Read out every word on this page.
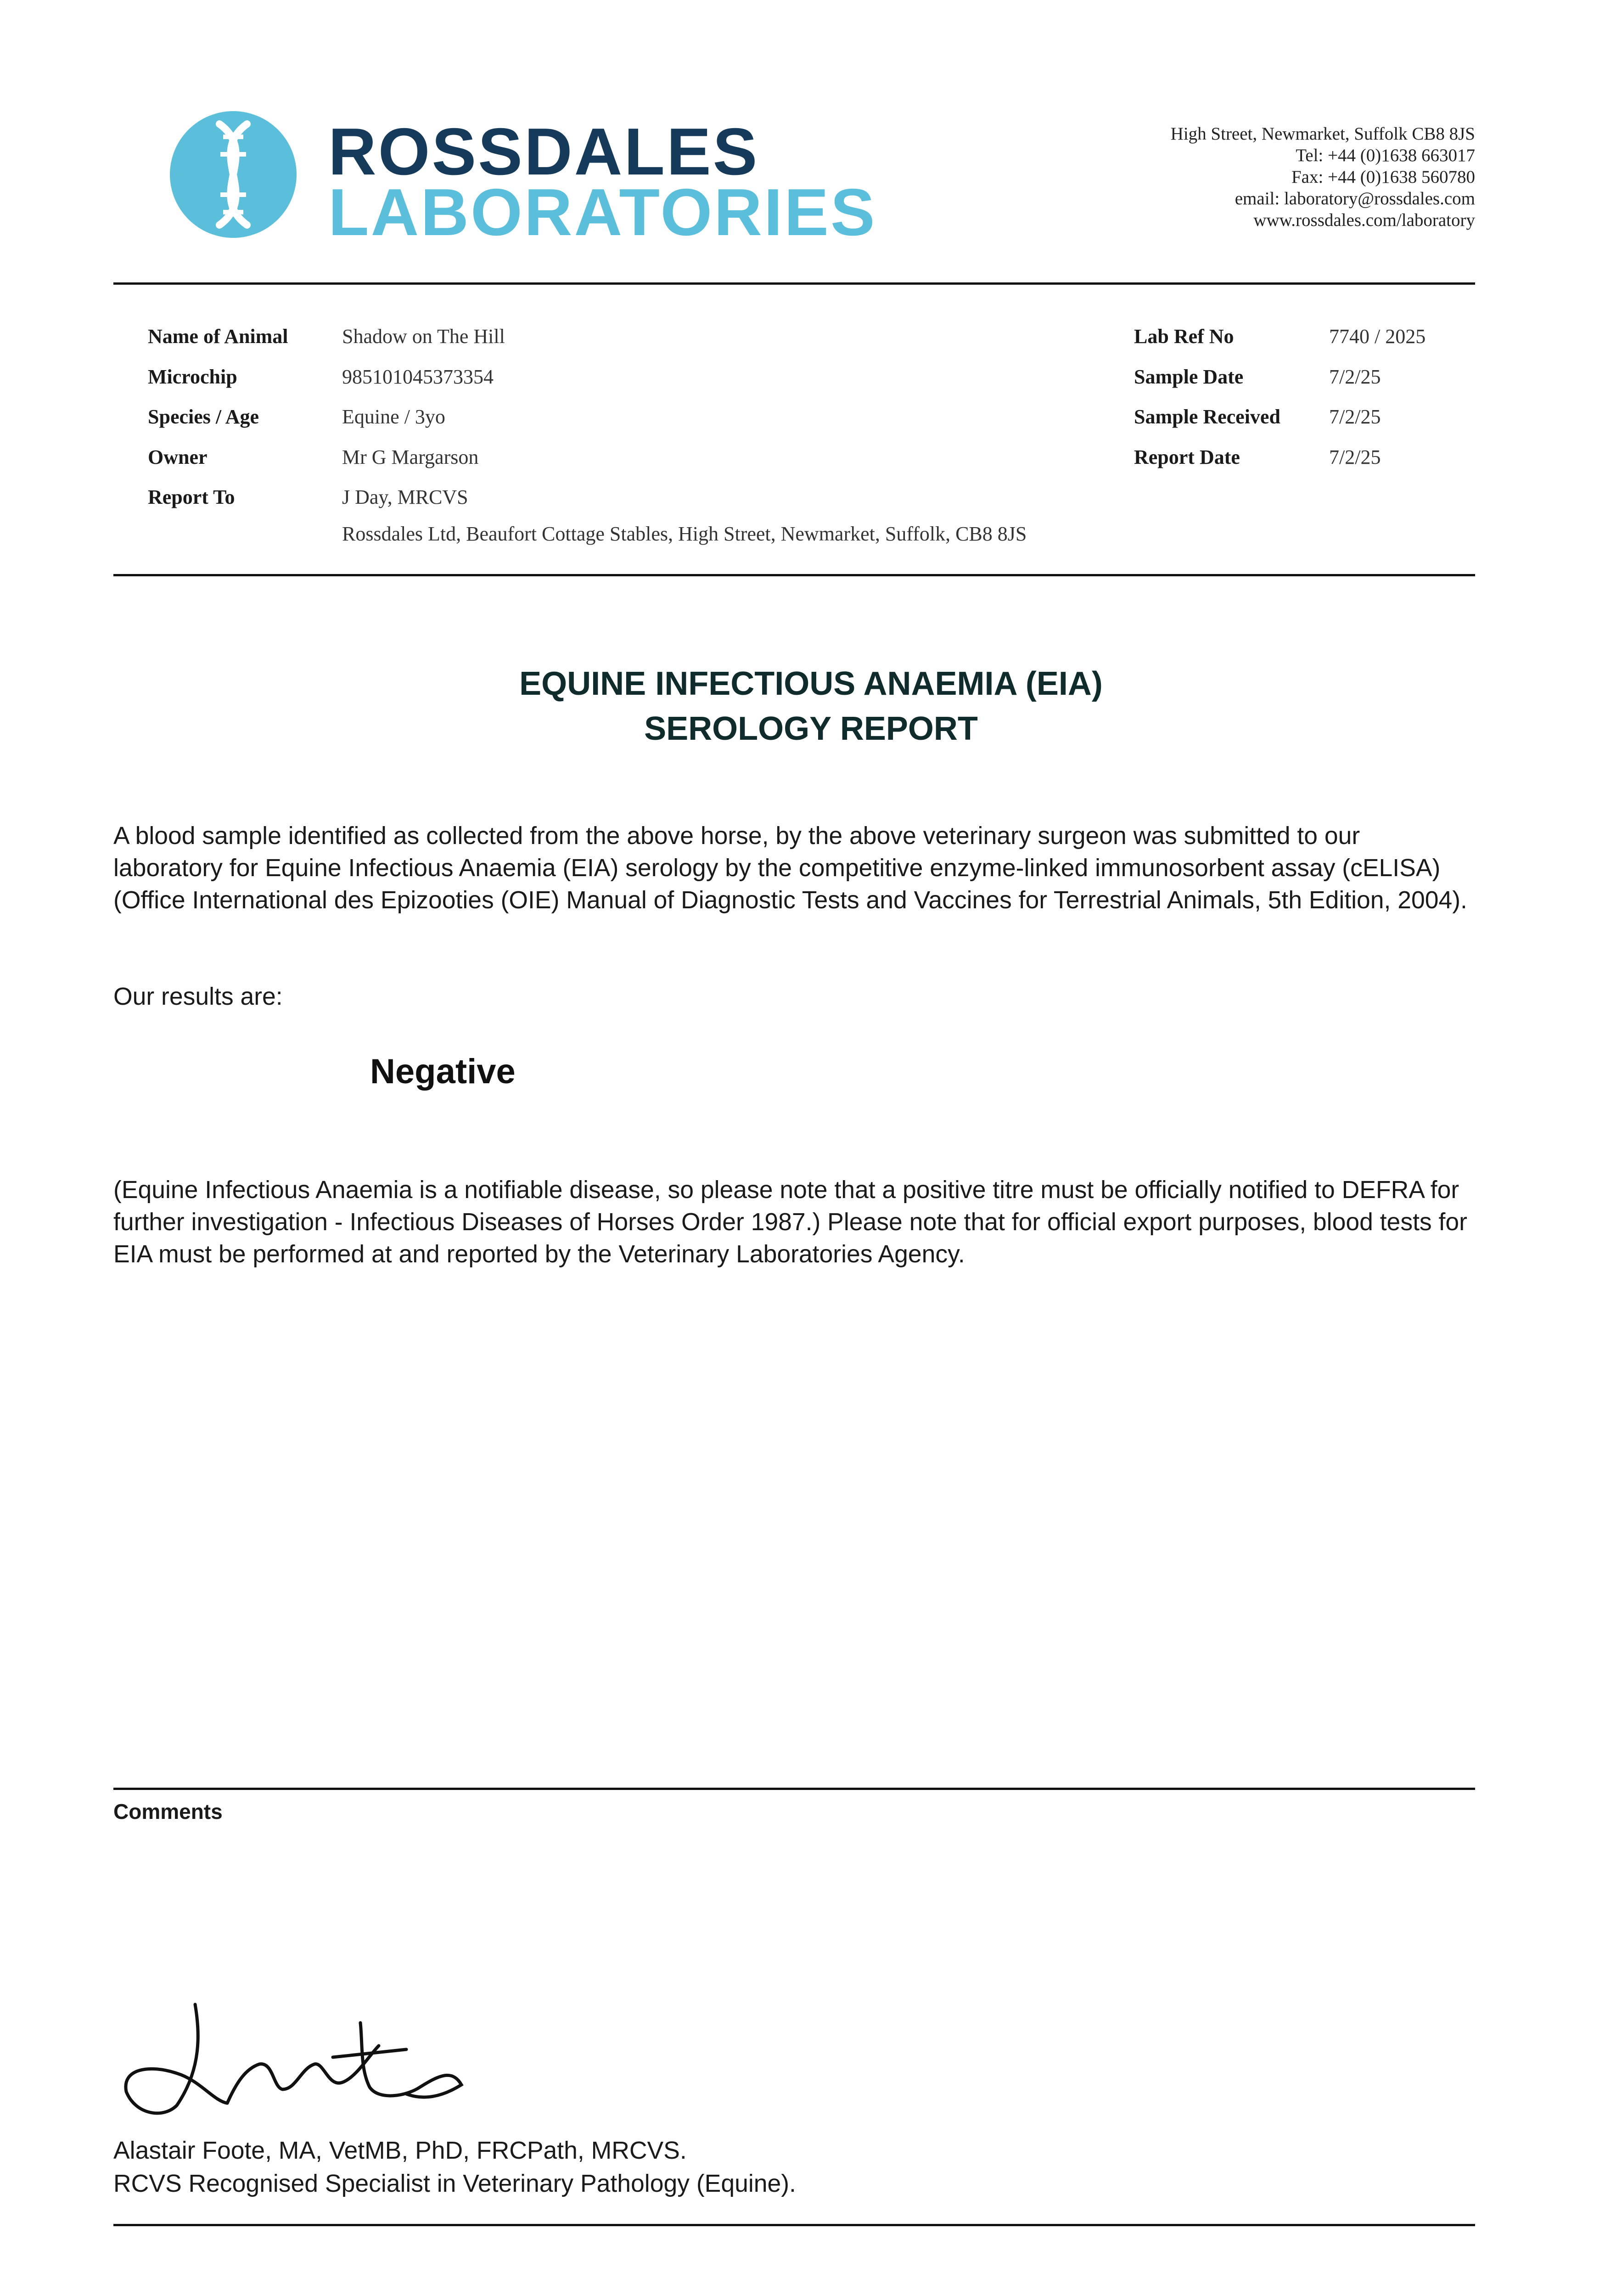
ROSSDALES
LABORATORIES
High Street, Newmarket, Suffolk CB8 8JS
Tel: +44 (0)1638 663017
Fax: +44 (0)1638 560780
email: laboratory@rossdales.com
www.rossdales.com/laboratory
Name of Animal	Shadow on The Hill
Microchip	985101045373354
Species / Age	Equine / 3yo
Owner	Mr G Margarson
Report To	J Day, MRCVS
Rossdales Ltd, Beaufort Cottage Stables, High Street, Newmarket, Suffolk, CB8 8JS
Lab Ref No	7740 / 2025
Sample Date	7/2/25
Sample Received 7/2/25
Report Date	7/2/25
EQUINE INFECTIOUS ANAEMIA (EIA)
SEROLOGY REPORT
A blood sample identified as collected from the above horse, by the above veterinary surgeon was submitted to our laboratory for Equine Infectious Anaemia (EIA) serology by the competitive enzyme-linked immunosorbent assay (cELISA) (Office International des Epizooties (OIE) Manual of Diagnostic Tests and Vaccines for Terrestrial Animals, 5th Edition, 2004).
Our results are:
Negative
(Equine Infectious Anaemia is a notifiable disease, so please note that a positive titre must be officially notified to DEFRA for further investigation - Infectious Diseases of Horses Order 1987.) Please note that for official export purposes, blood tests for EIA must be performed at and reported by the Veterinary Laboratories Agency.
Comments
Alastair Foote, MA, VetMB, PhD, FRCPath, MRCVS.
RCVS Recognised Specialist in Veterinary Pathology (Equine).
